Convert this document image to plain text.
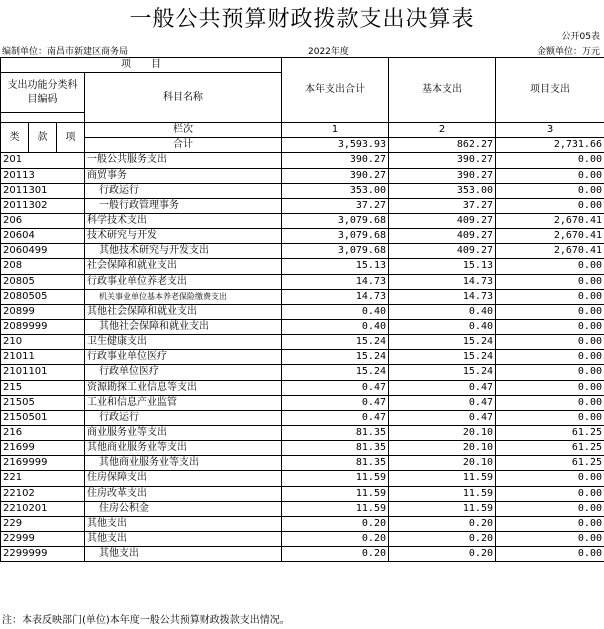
一般公共预算财政拨款支出决算表
公开05表
编制单位：南昌市新建区商务局	2022年度	金额单位：万元
项　　目				本年支出合计	基本支出	项目支出
支出功能分类科目编码			科目名称			

类	款	项	栏次	1	2	3
			合计	3,593.93	862.27	2,731.66
201			一般公共服务支出	390.27	390.27	0.00
20113			商贸事务	390.27	390.27	0.00
2011301			行政运行	353.00	353.00	0.00
2011302			一般行政管理事务	37.27	37.27	0.00
206			科学技术支出	3,079.68	409.27	2,670.41
20604			技术研究与开发	3,079.68	409.27	2,670.41
2060499			其他技术研究与开发支出	3,079.68	409.27	2,670.41
208			社会保障和就业支出	15.13	15.13	0.00
20805			行政事业单位养老支出	14.73	14.73	0.00
2080505			机关事业单位基本养老保险缴费支出	14.73	14.73	0.00
20899			其他社会保障和就业支出	0.40	0.40	0.00
2089999			其他社会保障和就业支出	0.40	0.40	0.00
210			卫生健康支出	15.24	15.24	0.00
21011			行政事业单位医疗	15.24	15.24	0.00
2101101			行政单位医疗	15.24	15.24	0.00
215			资源勘探工业信息等支出	0.47	0.47	0.00
21505			工业和信息产业监管	0.47	0.47	0.00
2150501			行政运行	0.47	0.47	0.00
216			商业服务业等支出	81.35	20.10	61.25
21699			其他商业服务业等支出	81.35	20.10	61.25
2169999			其他商业服务业等支出	81.35	20.10	61.25
221			住房保障支出	11.59	11.59	0.00
22102			住房改革支出	11.59	11.59	0.00
2210201			住房公积金	11.59	11.59	0.00
229			其他支出	0.20	0.20	0.00
22999			其他支出	0.20	0.20	0.00
2299999			其他支出	0.20	0.20	0.00
注：本表反映部门(单位)本年度一般公共预算财政拨款支出情况。
